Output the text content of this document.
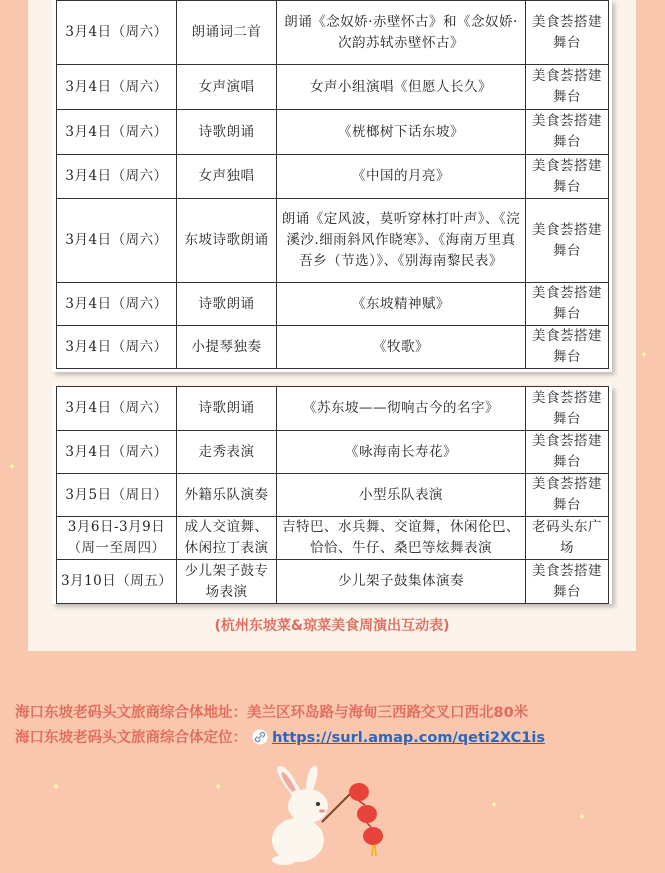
3月4日（周六）	朗诵词二首	朗诵《念奴娇·赤壁怀古》和《念奴娇·次韵苏轼赤壁怀古》	美食荟搭建舞台
3月4日（周六）	女声演唱	女声小组演唱《但愿人长久》	美食荟搭建舞台
3月4日（周六）	诗歌朗诵	《桄榔树下话东坡》	美食荟搭建舞台
3月4日（周六）	女声独唱	《中国的月亮》	美食荟搭建舞台
3月4日（周六）	东坡诗歌朗诵	朗诵《定风波，莫听穿林打叶声》、《浣溪沙.细雨斜风作晓寒》、《海南万里真吾乡（节选）》、《别海南黎民表》	美食荟搭建舞台
3月4日（周六）	诗歌朗诵	《东坡精神赋》	美食荟搭建舞台
3月4日（周六）	小提琴独奏	《牧歌》	美食荟搭建舞台
3月4日（周六）	诗歌朗诵	《苏东坡——彻响古今的名字》	美食荟搭建舞台
3月4日（周六）	走秀表演	《咏海南长寿花》	美食荟搭建舞台
3月5日（周日）	外籍乐队演奏	小型乐队表演	美食荟搭建舞台
3月6日-3月9日（周一至周四）	成人交谊舞、休闲拉丁表演	吉特巴、水兵舞、交谊舞，休闲伦巴、恰恰、牛仔、桑巴等炫舞表演	老码头东广场
3月10日（周五）	少儿架子鼓专场表演	少儿架子鼓集体演奏	美食荟搭建舞台
(杭州东坡菜&琼菜美食周演出互动表)
海口东坡老码头文旅商综合体地址：美兰区环岛路与海甸三西路交叉口西北80米
海口东坡老码头文旅商综合体定位： https://surl.amap.com/qeti2XC1is
✦
✦
✦
✦
✦
✦
